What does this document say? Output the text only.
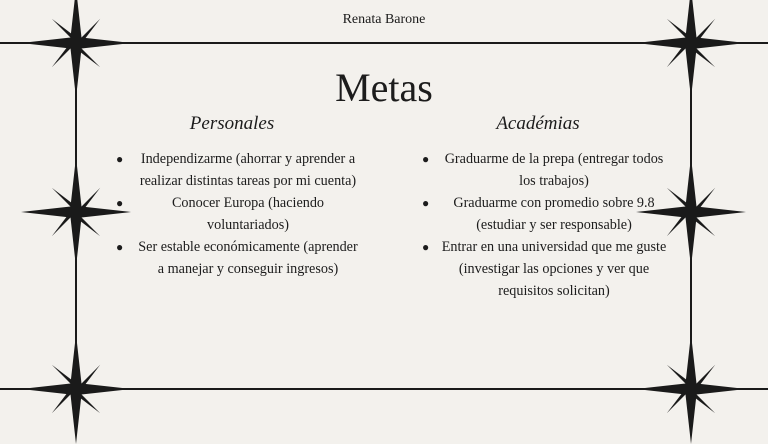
Renata Barone
Metas
Personales	Académias
● Independizarme (ahorrar y aprender a realizar distintas tareas por mi cuenta)
●	Conocer Europa (haciendo voluntariados)
● Ser estable económicamente (aprender a manejar y conseguir ingresos)
● Graduarme de la prepa (entregar todos los trabajos)
● Graduarme con promedio sobre 9.8 (estudiar y ser responsable)
● Entrar en una universidad que me guste (investigar las opciones y ver que requisitos solicitan)
